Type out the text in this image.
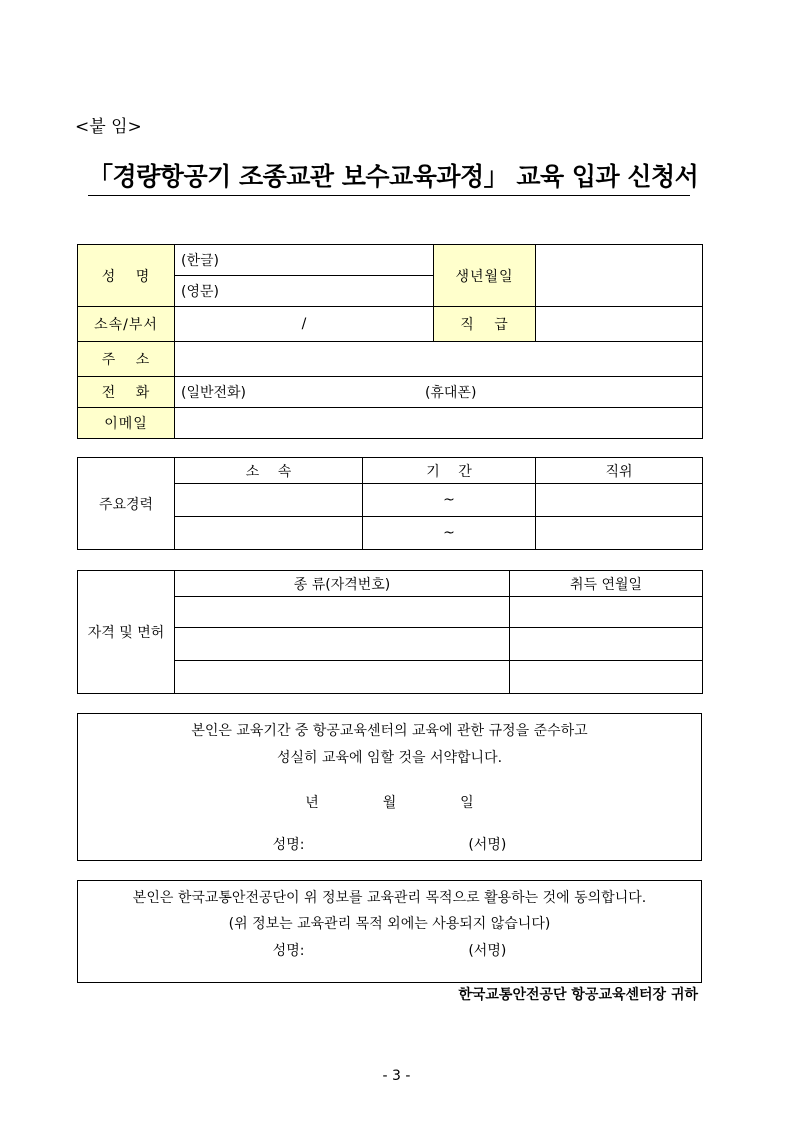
<붙 임>
「경량항공기 조종교관 보수교육과정」 교육 입과 신청서
성 명	(한글)	생년월일	
	(영문)		
소속/부서	/	직 급	
주 소			
전 화	(일반전화) (휴대폰)		
이메일			
주요경력	소 속	기 간	직위
		~	
		~	
자격 및 면허	종 류(자격번호)	취득 연월일

본인은 교육기간 중 항공교육센터의 교육에 관한 규정을 준수하고
성실히 교육에 임할 것을 서약합니다.
년	월	일
성명:	(서명)
본인은 한국교통안전공단이 위 정보를 교육관리 목적으로 활용하는 것에 동의합니다.
(위 정보는 교육관리 목적 외에는 사용되지 않습니다)
성명:	(서명)
한국교통안전공단 항공교육센터장 귀하
- 3 -
